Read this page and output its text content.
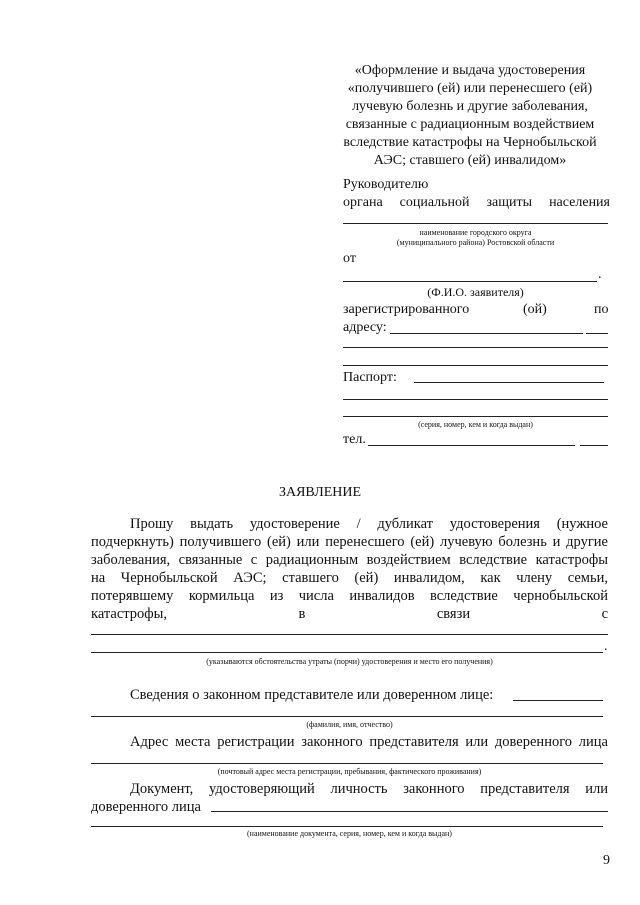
«Оформление и выдача удостоверения
«получившего (ей) или перенесшего (ей)
лучевую болезнь и другие заболевания,
связанные с радиационным воздействием
вследствие катастрофы на Чернобыльской
АЭС; ставшего (ей) инвалидом»
Руководителю
органа социальной защиты населения
наименование городского округа
(муниципального района) Ростовской области
от
.
(Ф.И.О. заявителя)
зарегистрированного	(ой)	по
адресу:
Паспорт:
(серия, номер, кем и когда выдан)
тел.
ЗАЯВЛЕНИЕ
Прошу выдать удостоверение / дубликат удостоверения (нужное
подчеркнуть) получившего (ей) или перенесшего (ей) лучевую болезнь и другие
заболевания, связанные с радиационным воздействием вследствие катастрофы
на Чернобыльской АЭС; ставшего (ей) инвалидом, как члену семьи,
потерявшему кормильца из числа инвалидов вследствие чернобыльской
катастрофы, в связи с
.
(указываются обстоятельства утраты (порчи) удостоверения и место его получения)
Сведения о законном представителе или доверенном лице:
(фамилия, имя, отчество)
Адрес места регистрации законного представителя или доверенного лица
(почтовый адрес места регистрации, пребывания, фактического проживания)
Документ, удостоверяющий личность законного представителя или
доверенного лица
(наименование документа, серия, номер, кем и когда выдан)
9
